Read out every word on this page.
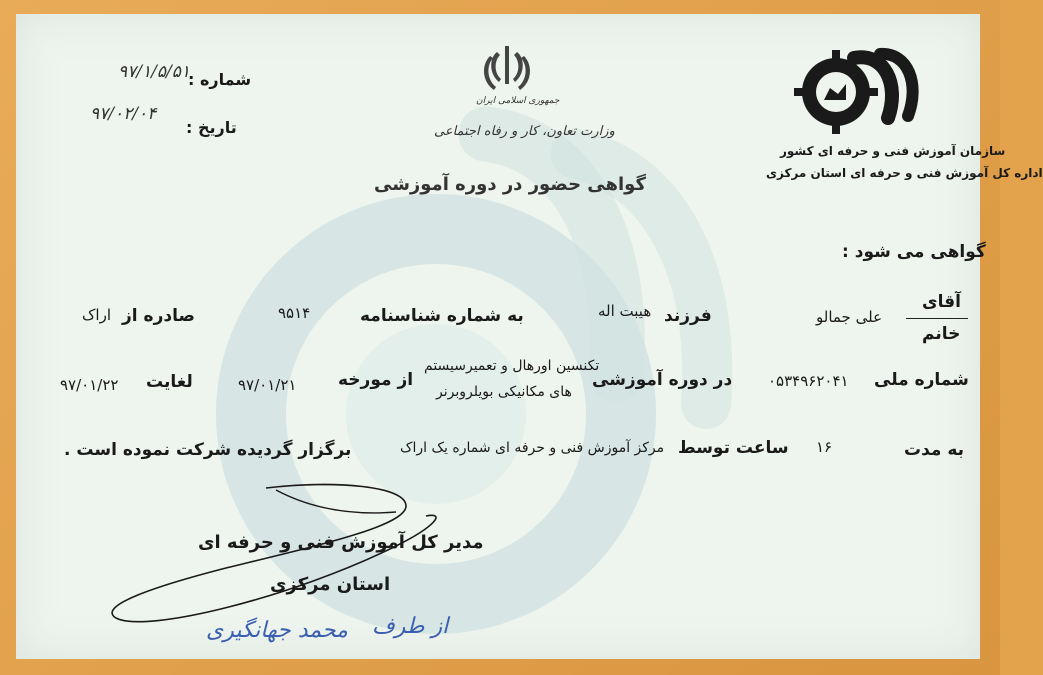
شماره :
۹۷/۱/۵/۵۱
تاریخ :
۹۷/۰۲/۰۴
جمهوری اسلامی ایران
وزارت تعاون، کار و رفاه اجتماعی
سازمان آموزش فنی و حرفه ای کشور
اداره کل آموزش فنی و حرفه ای استان مرکزی
گواهی حضور در دوره آموزشی
گواهی می شود :
آقای
خانم
علی جمالو
فرزند
هیبت اله
به شماره شناسنامه
۹۵۱۴
صادره از
اراک
شماره ملی
۰۵۳۴۹۶۲۰۴۱
در دوره آموزشی
تکنسین اورهال و تعمیرسیستم
های مکانیکی بویلروبرنر
از مورخه
۹۷/۰۱/۲۱
لغایت
۹۷/۰۱/۲۲
به مدت
۱۶
ساعت توسط
مرکز آموزش فنی و حرفه ای شماره یک اراک
برگزار گردیده شرکت نموده است .
مدیر کل آموزش فنی و حرفه ای
استان مرکزی
از طرف
محمد جهانگیری
